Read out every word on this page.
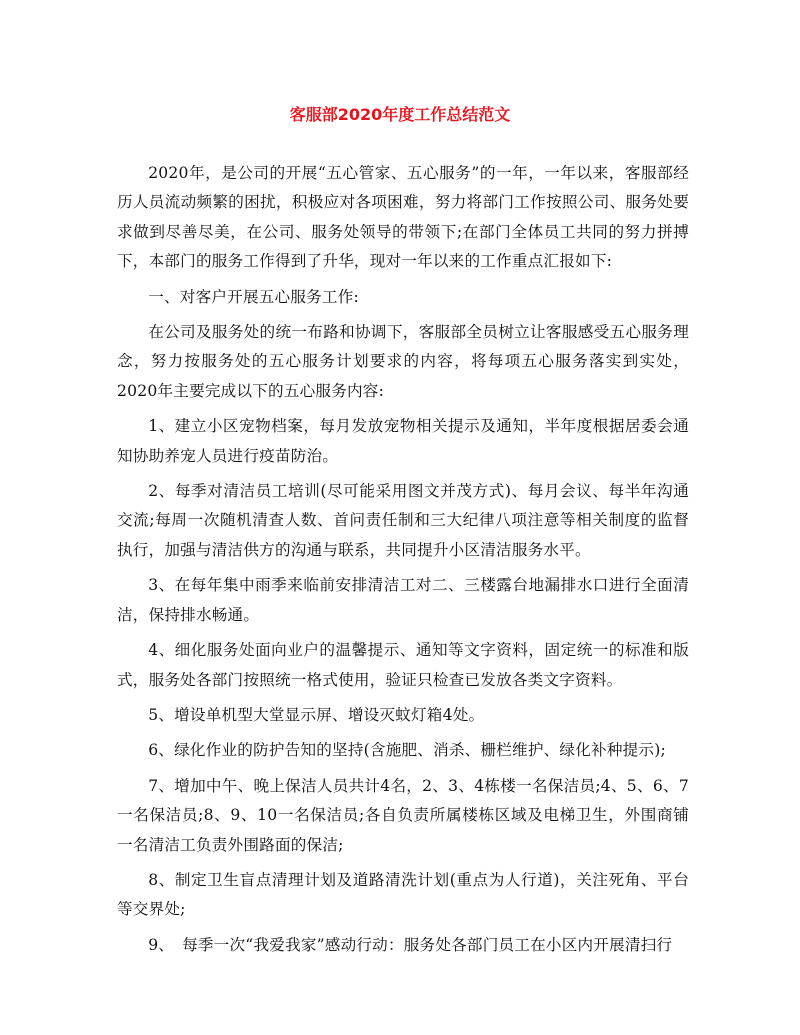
客服部2020年度工作总结范文

2020年，是公司的开展“五心管家、五心服务”的一年，一年以来，客服部经历人员流动频繁的困扰，积极应对各项困难，努力将部门工作按照公司、服务处要求做到尽善尽美，在公司、服务处领导的带领下;在部门全体员工共同的努力拼搏下，本部门的服务工作得到了升华，现对一年以来的工作重点汇报如下:

一、对客户开展五心服务工作:

在公司及服务处的统一布路和协调下，客服部全员树立让客服感受五心服务理念，努力按服务处的五心服务计划要求的内容，将每项五心服务落实到实处，2020年主要完成以下的五心服务内容:

1、建立小区宠物档案，每月发放宠物相关提示及通知，半年度根据居委会通知协助养宠人员进行疫苗防治。

2、每季对清洁员工培训(尽可能采用图文并茂方式)、每月会议、每半年沟通交流;每周一次随机清查人数、首问责任制和三大纪律八项注意等相关制度的监督执行，加强与清洁供方的沟通与联系，共同提升小区清洁服务水平。

3、在每年集中雨季来临前安排清洁工对二、三楼露台地漏排水口进行全面清洁，保持排水畅通。

4、细化服务处面向业户的温馨提示、通知等文字资料，固定统一的标准和版式，服务处各部门按照统一格式使用，验证只检查已发放各类文字资料。

5、增设单机型大堂显示屏、增设灭蚊灯箱4处。

6、绿化作业的防护告知的坚持(含施肥、消杀、栅栏维护、绿化补种提示);

7、增加中午、晚上保洁人员共计4名，2、3、4栋楼一名保洁员;4、5、6、7一名保洁员;8、9、10一名保洁员;各自负责所属楼栋区域及电梯卫生，外围商铺一名清洁工负责外围路面的保洁;

8、制定卫生盲点清理计划及道路清洗计划(重点为人行道)，关注死角、平台等交界处;

9、　每季一次“我爱我家”感动行动：服务处各部门员工在小区内开展清扫行
